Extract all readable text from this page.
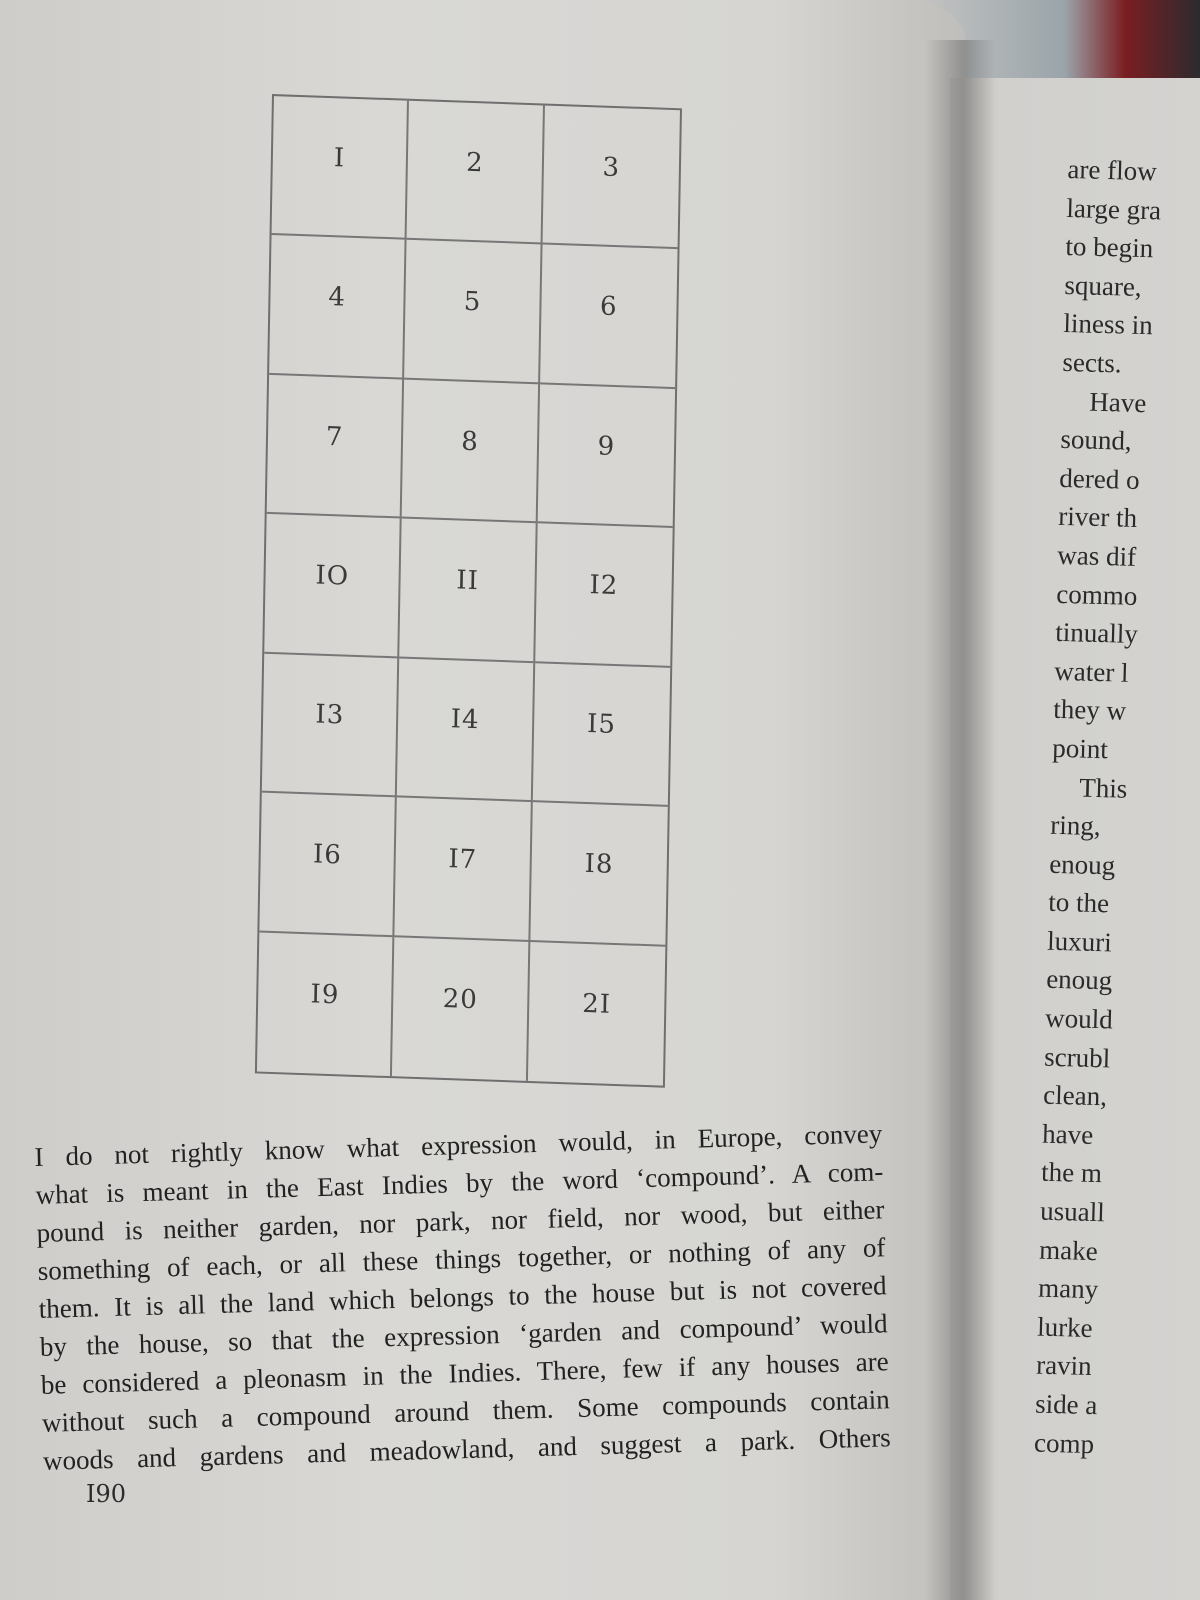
I	2	3
4	5	6
7	8	9
IO	II	I2
I3	I4	I5
I6	I7	I8
I9	20	2I
I do not rightly know what expression would, in Europe, convey
what is meant in the East Indies by the word ‘compound’. A com-
pound is neither garden, nor park, nor field, nor wood, but either
something of each, or all these things together, or nothing of any of
them. It is all the land which belongs to the house but is not covered
by the house, so that the expression ‘garden and compound’ would
be considered a pleonasm in the Indies. There, few if any houses are
without such a compound around them. Some compounds contain
woods and gardens and meadowland, and suggest a park. Others
I90
are flow
large gra
to begin
square,
liness in
sects.
Have
sound,
dered o
river th
was dif
commo
tinually
water l
they w
point
This
ring,
enoug
to the
luxuri
enoug
would
scrubl
clean,
have
the m
usuall
make
many
lurke
ravin
side a
comp
